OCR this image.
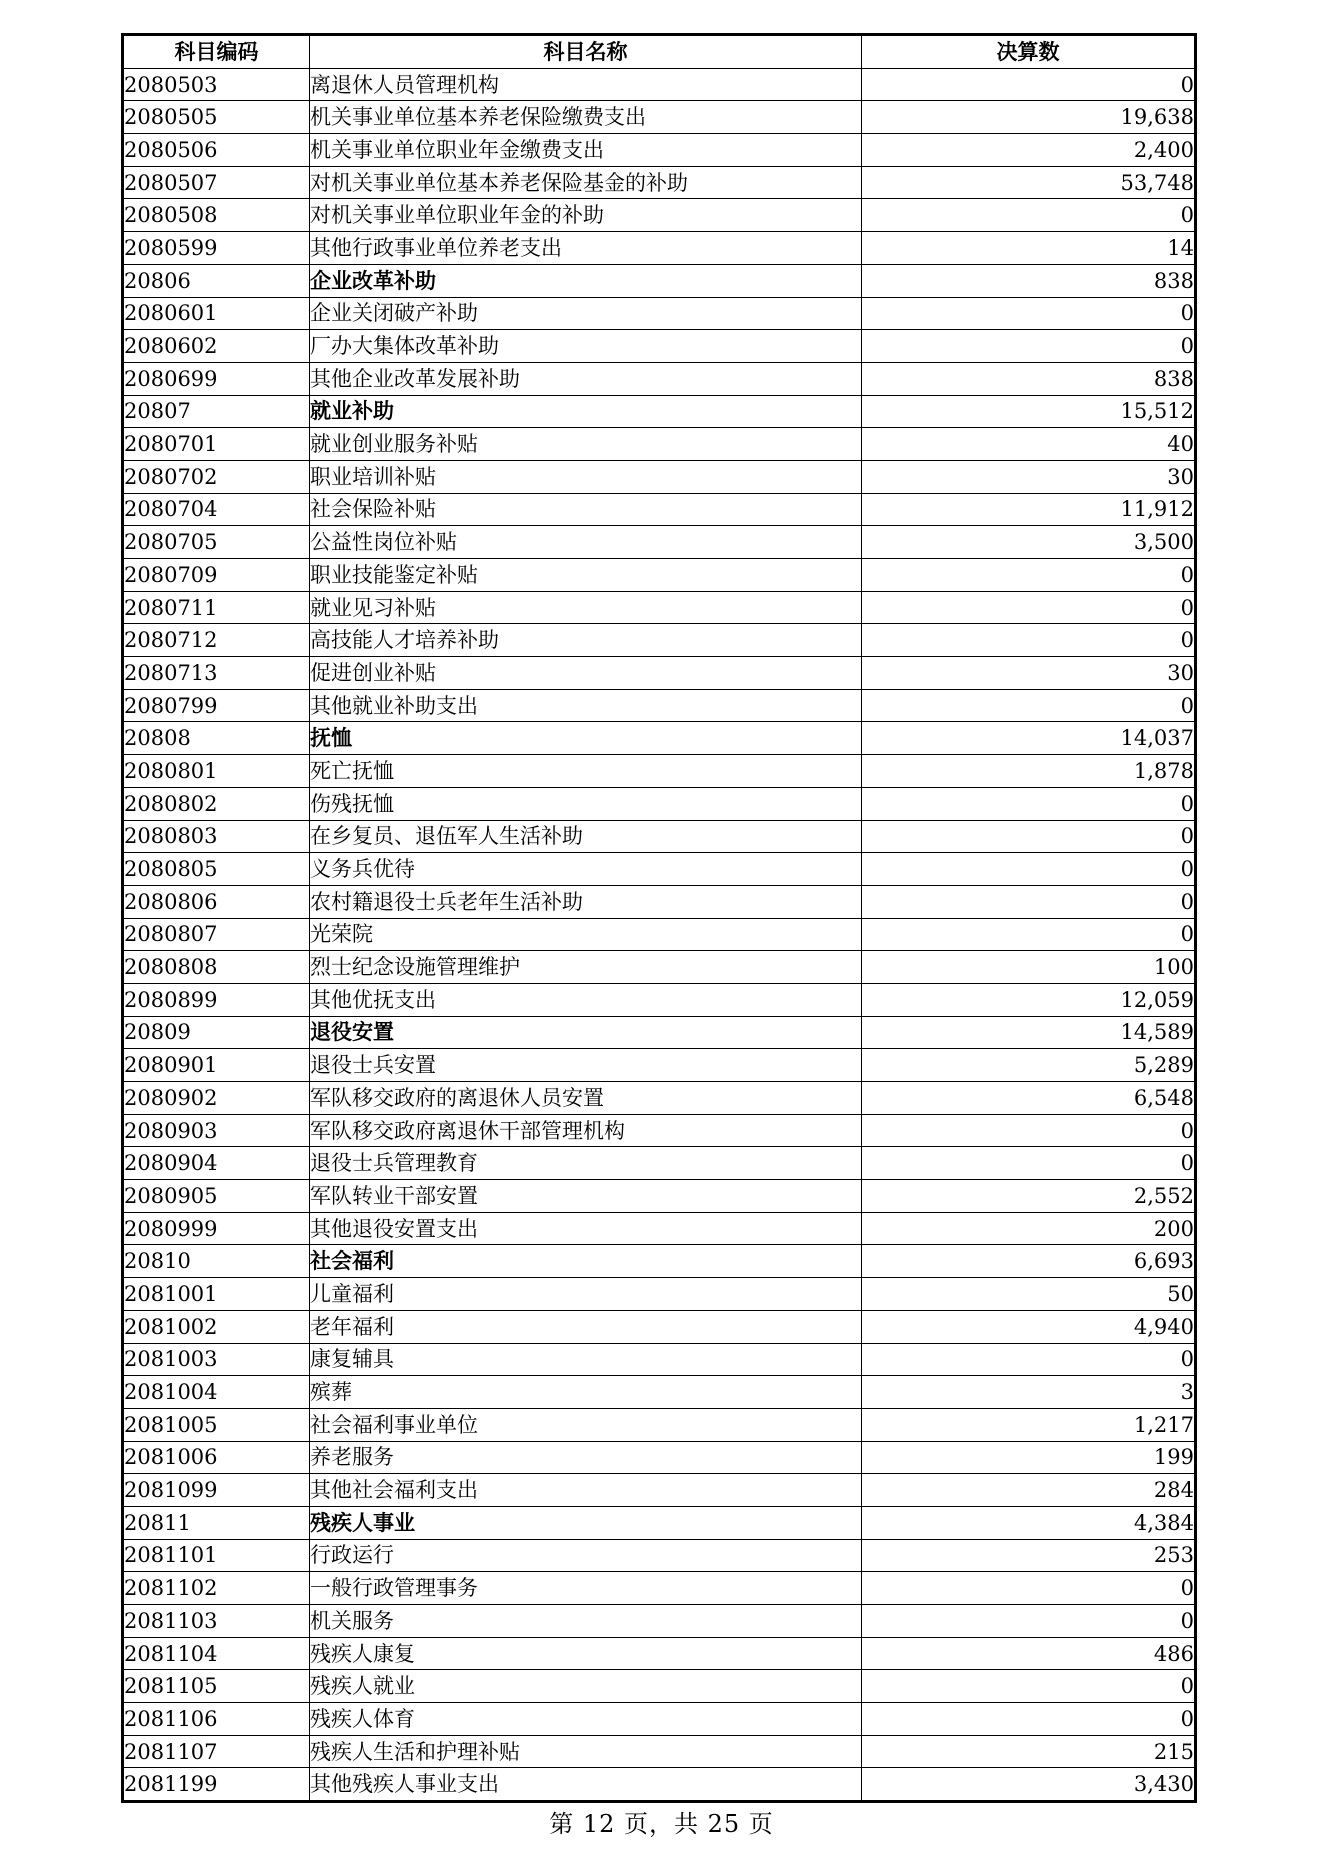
科目编码	科目名称	决算数
2080503	离退休人员管理机构	0
2080505	机关事业单位基本养老保险缴费支出	19,638
2080506	机关事业单位职业年金缴费支出	2,400
2080507	对机关事业单位基本养老保险基金的补助	53,748
2080508	对机关事业单位职业年金的补助	0
2080599	其他行政事业单位养老支出	14
20806	企业改革补助	838
2080601	企业关闭破产补助	0
2080602	厂办大集体改革补助	0
2080699	其他企业改革发展补助	838
20807	就业补助	15,512
2080701	就业创业服务补贴	40
2080702	职业培训补贴	30
2080704	社会保险补贴	11,912
2080705	公益性岗位补贴	3,500
2080709	职业技能鉴定补贴	0
2080711	就业见习补贴	0
2080712	高技能人才培养补助	0
2080713	促进创业补贴	30
2080799	其他就业补助支出	0
20808	抚恤	14,037
2080801	死亡抚恤	1,878
2080802	伤残抚恤	0
2080803	在乡复员、退伍军人生活补助	0
2080805	义务兵优待	0
2080806	农村籍退役士兵老年生活补助	0
2080807	光荣院	0
2080808	烈士纪念设施管理维护	100
2080899	其他优抚支出	12,059
20809	退役安置	14,589
2080901	退役士兵安置	5,289
2080902	军队移交政府的离退休人员安置	6,548
2080903	军队移交政府离退休干部管理机构	0
2080904	退役士兵管理教育	0
2080905	军队转业干部安置	2,552
2080999	其他退役安置支出	200
20810	社会福利	6,693
2081001	儿童福利	50
2081002	老年福利	4,940
2081003	康复辅具	0
2081004	殡葬	3
2081005	社会福利事业单位	1,217
2081006	养老服务	199
2081099	其他社会福利支出	284
20811	残疾人事业	4,384
2081101	行政运行	253
2081102	一般行政管理事务	0
2081103	机关服务	0
2081104	残疾人康复	486
2081105	残疾人就业	0
2081106	残疾人体育	0
2081107	残疾人生活和护理补贴	215
2081199	其他残疾人事业支出	3,430
第 12 页，共 25 页
